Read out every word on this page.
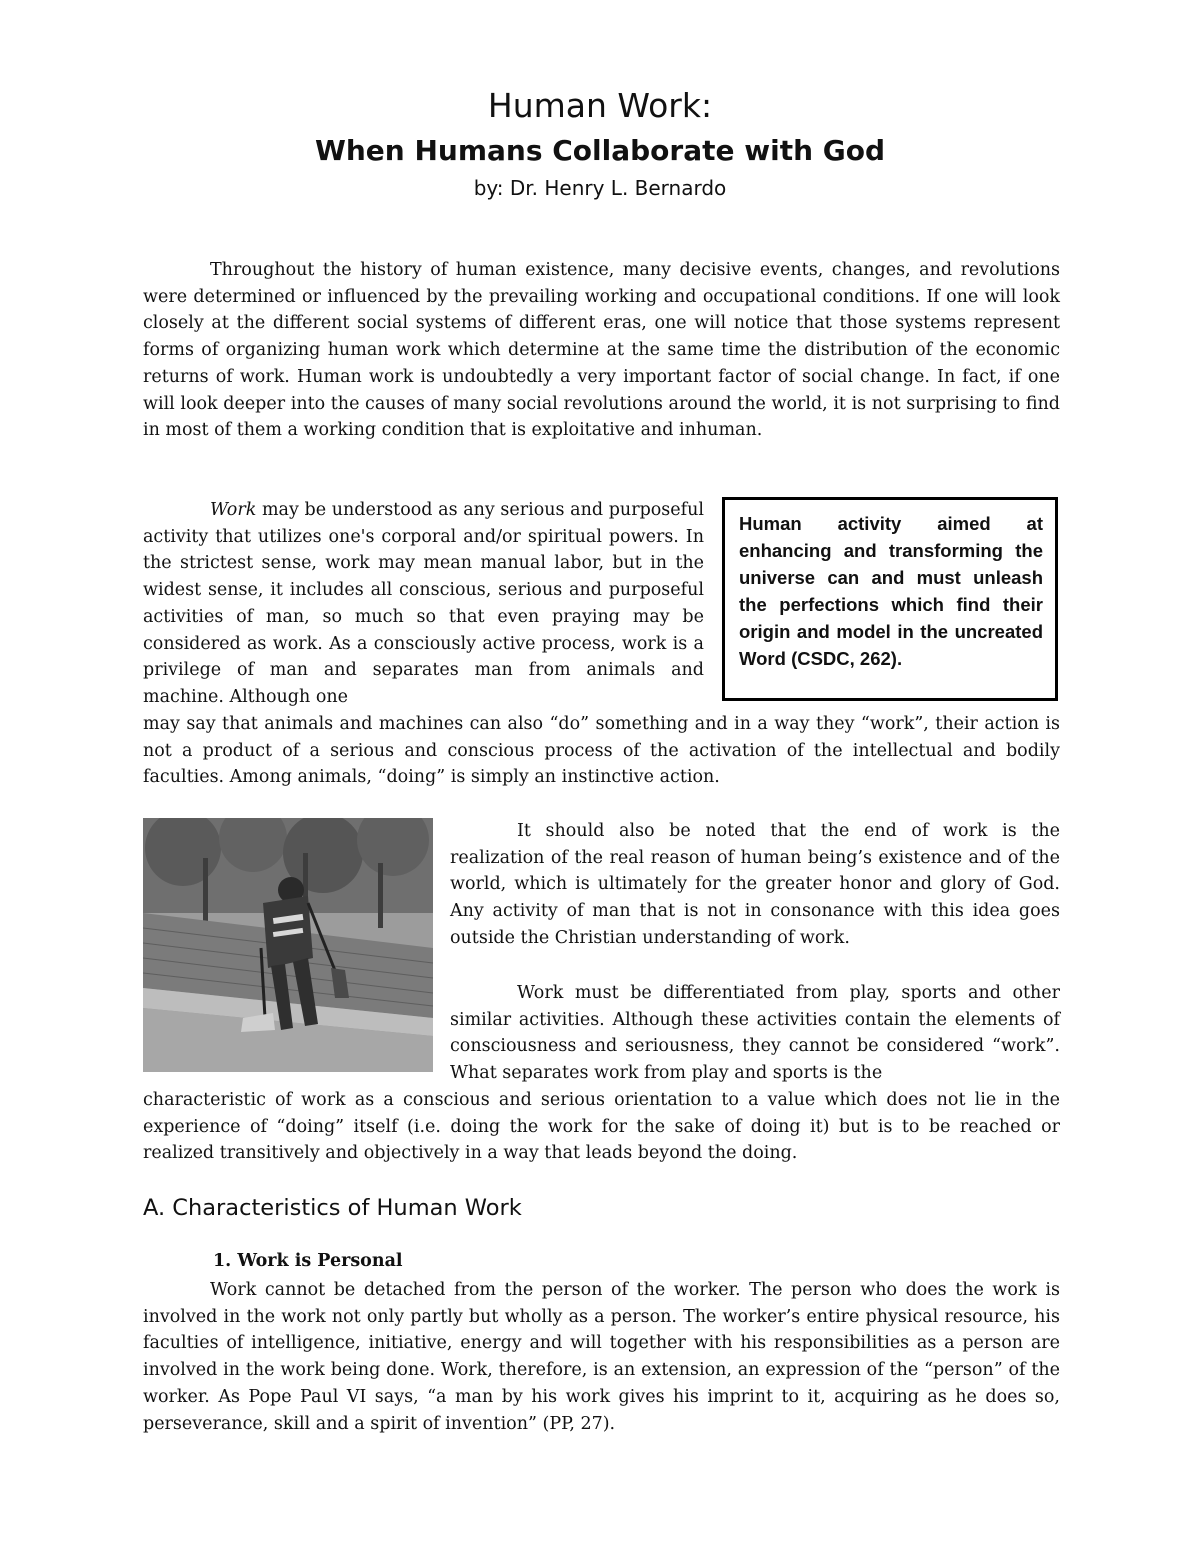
Human Work:
When Humans Collaborate with God
by: Dr. Henry L. Bernardo

Throughout the history of human existence, many decisive events, changes, and revolutions were determined or influenced by the prevailing working and occupational conditions. If one will look closely at the different social systems of different eras, one will notice that those systems represent forms of organizing human work which determine at the same time the distribution of the economic returns of work. Human work is undoubtedly a very important factor of social change. In fact, if one will look deeper into the causes of many social revolutions around the world, it is not surprising to find in most of them a working condition that is exploitative and inhuman.

Work may be understood as any serious and purposeful activity that utilizes one's corporal and/or spiritual powers. In the strictest sense, work may mean manual labor, but in the widest sense, it includes all conscious, serious and purposeful activities of man, so much so that even praying may be considered as work. As a consciously active process, work is a privilege of man and separates man from animals and machine. Although one

Human activity aimed at enhancing and transforming the universe can and must unleash the perfections which find their origin and model in the uncreated Word (CSDC, 262).

may say that animals and machines can also “do” something and in a way they “work”, their action is not a product of a serious and conscious process of the activation of the intellectual and bodily faculties. Among animals, “doing” is simply an instinctive action.

It should also be noted that the end of work is the realization of the real reason of human being’s existence and of the world, which is ultimately for the greater honor and glory of God. Any activity of man that is not in consonance with this idea goes outside the Christian understanding of work.

Work must be differentiated from play, sports and other similar activities. Although these activities contain the elements of consciousness and seriousness, they cannot be considered “work”. What separates work from play and sports is the

characteristic of work as a conscious and serious orientation to a value which does not lie in the experience of “doing” itself (i.e. doing the work for the sake of doing it) but is to be reached or realized transitively and objectively in a way that leads beyond the doing.

A. Characteristics of Human Work
1. Work is Personal

Work cannot be detached from the person of the worker. The person who does the work is involved in the work not only partly but wholly as a person. The worker’s entire physical resource, his faculties of intelligence, initiative, energy and will together with his responsibilities as a person are involved in the work being done. Work, therefore, is an extension, an expression of the “person” of the worker. As Pope Paul VI says, “a man by his work gives his imprint to it, acquiring as he does so, perseverance, skill and a spirit of invention” (PP, 27).
